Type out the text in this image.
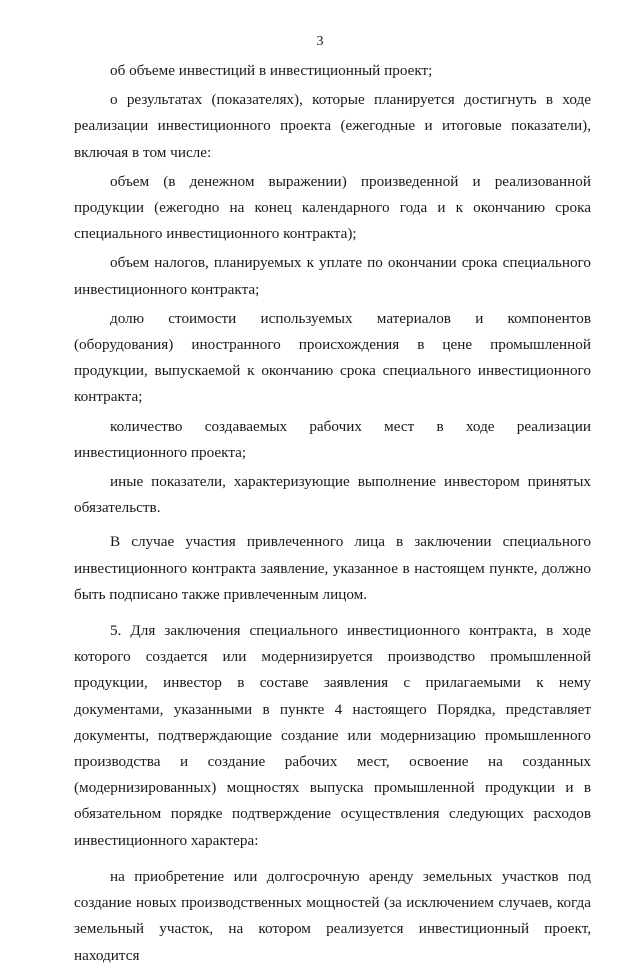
3

об объеме инвестиций в инвестиционный проект;

о результатах (показателях), которые планируется достигнуть в ходе реализации инвестиционного проекта (ежегодные и итоговые показатели), включая в том числе:

объем (в денежном выражении) произведенной и реализованной продукции (ежегодно на конец календарного года и к окончанию срока специального инвестиционного контракта);

объем налогов, планируемых к уплате по окончании срока специального инвестиционного контракта;

долю стоимости используемых материалов и компонентов (оборудования) иностранного происхождения в цене промышленной продукции, выпускаемой к окончанию срока специального инвестиционного контракта;

количество создаваемых рабочих мест в ходе реализации инвестиционного проекта;

иные показатели, характеризующие выполнение инвестором принятых обязательств.

В случае участия привлеченного лица в заключении специального инвестиционного контракта заявление, указанное в настоящем пункте, должно быть подписано также привлеченным лицом.

5. Для заключения специального инвестиционного контракта, в ходе которого создается или модернизируется производство промышленной продукции, инвестор в составе заявления с прилагаемыми к нему документами, указанными в пункте 4 настоящего Порядка, представляет документы, подтверждающие создание или модернизацию промышленного производства и создание рабочих мест, освоение на созданных (модернизированных) мощностях выпуска промышленной продукции и в обязательном порядке подтверждение осуществления следующих расходов инвестиционного характера:

на приобретение или долгосрочную аренду земельных участков под создание новых производственных мощностей (за исключением случаев, когда земельный участок, на котором реализуется инвестиционный проект, находится
